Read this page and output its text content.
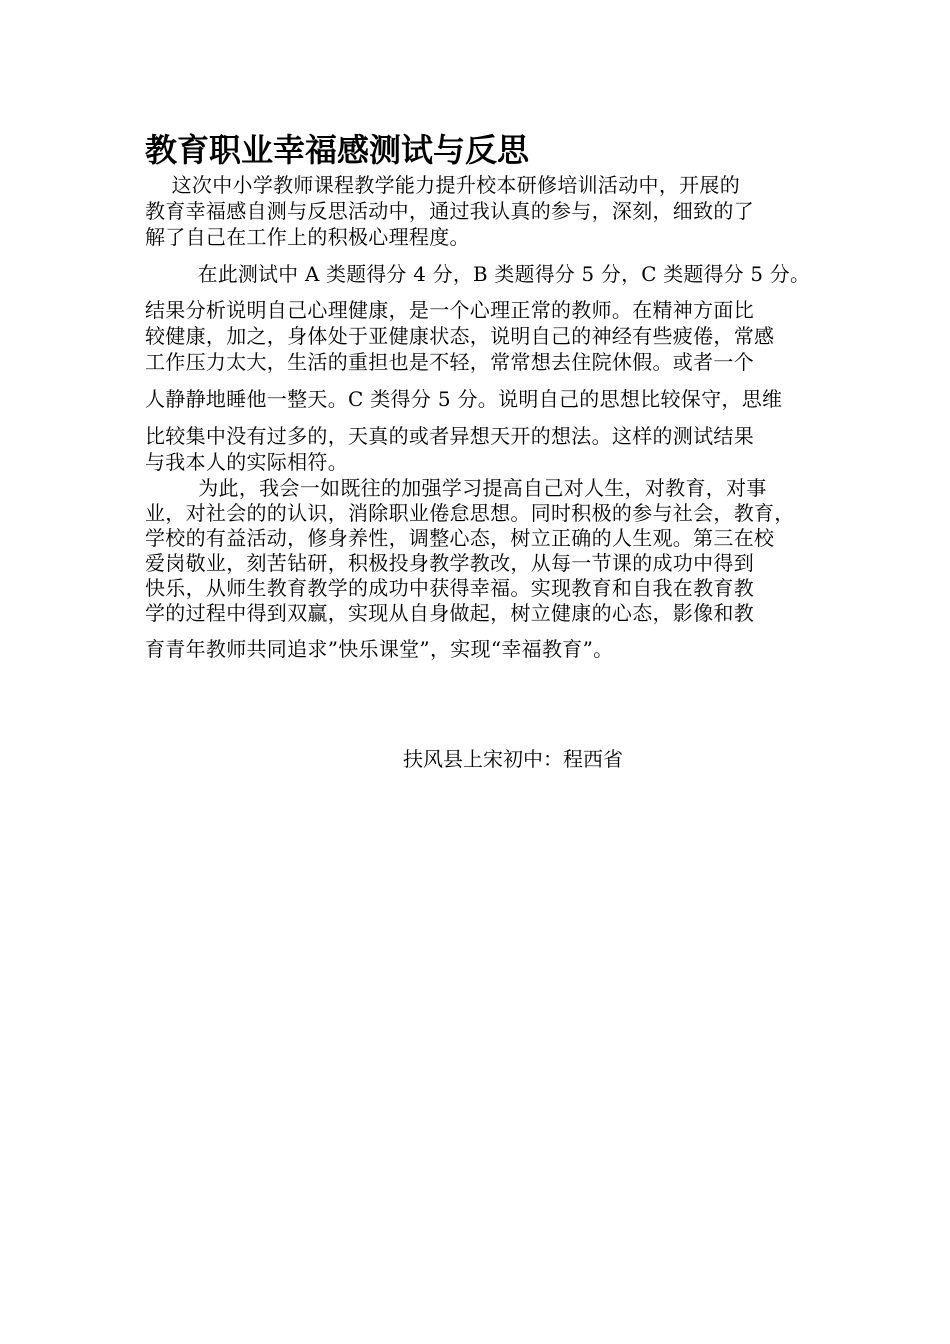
教育职业幸福感测试与反思
这次中小学教师课程教学能力提升校本研修培训活动中，开展的
教育幸福感自测与反思活动中，通过我认真的参与，深刻，细致的了
解了自己在工作上的积极心理程度。
在此测试中 A 类题得分 4 分，B 类题得分 5 分，C 类题得分 5 分。
结果分析说明自己心理健康，是一个心理正常的教师。在精神方面比
较健康，加之，身体处于亚健康状态，说明自己的神经有些疲倦，常感
工作压力太大，生活的重担也是不轻，常常想去住院休假。或者一个
人静静地睡他一整天。C 类得分 5 分。说明自己的思想比较保守，思维
比较集中没有过多的，天真的或者异想天开的想法。这样的测试结果
与我本人的实际相符。
为此，我会一如既往的加强学习提高自己对人生，对教育，对事
业，对社会的的认识，消除职业倦怠思想。同时积极的参与社会，教育，
学校的有益活动，修身养性，调整心态，树立正确的人生观。第三在校
爱岗敬业，刻苦钻研，积极投身教学教改，从每一节课的成功中得到
快乐，从师生教育教学的成功中获得幸福。实现教育和自我在教育教
学的过程中得到双赢，实现从自身做起，树立健康的心态，影像和教
育青年教师共同追求”快乐课堂”，实现“幸福教育”。
扶风县上宋初中：程西省
